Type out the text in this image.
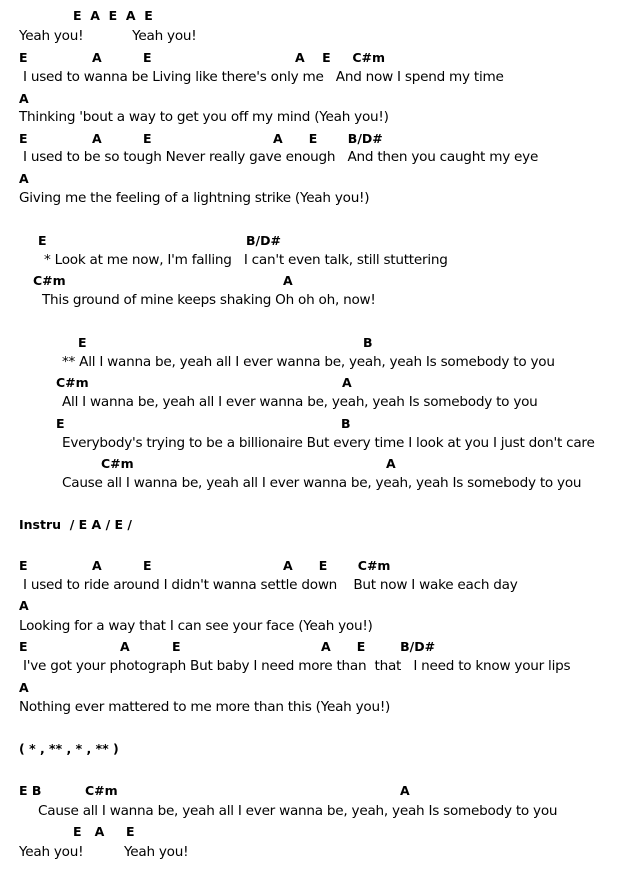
E  A  E  A  E
Yeah you!            Yeah you!
E	A	E	A    E     C#m
I used to wanna be Living like there's only me   And now I spend my time
A
Thinking 'bout a way to get you off my mind (Yeah you!)
E	A	E	A      E       B/D#
I used to be so tough Never really gave enough   And then you caught my eye
A
Giving me the feeling of a lightning strike (Yeah you!)
E	B/D#
* Look at me now, I'm falling   I can't even talk, still stuttering
C#m	A
This ground of mine keeps shaking Oh oh oh, now!
E	B
** All I wanna be, yeah all I ever wanna be, yeah, yeah Is somebody to you
C#m	A
All I wanna be, yeah all I ever wanna be, yeah, yeah Is somebody to you
E	B
Everybody's trying to be a billionaire But every time I look at you I just don't care
C#m	A
Cause all I wanna be, yeah all I ever wanna be, yeah, yeah Is somebody to you
Instru  / E A / E /
E	A	E	A      E       C#m
I used to ride around I didn't wanna settle down    But now I wake each day
A
Looking for a way that I can see your face (Yeah you!)
E	A	E	A      E        B/D#
I've got your photograph But baby I need more than  that   I need to know your lips
A
Nothing ever mattered to me more than this (Yeah you!)
( * , ** , * , ** )
E B	C#m	A
Cause all I wanna be, yeah all I ever wanna be, yeah, yeah Is somebody to you
E   A     E
Yeah you!          Yeah you!
